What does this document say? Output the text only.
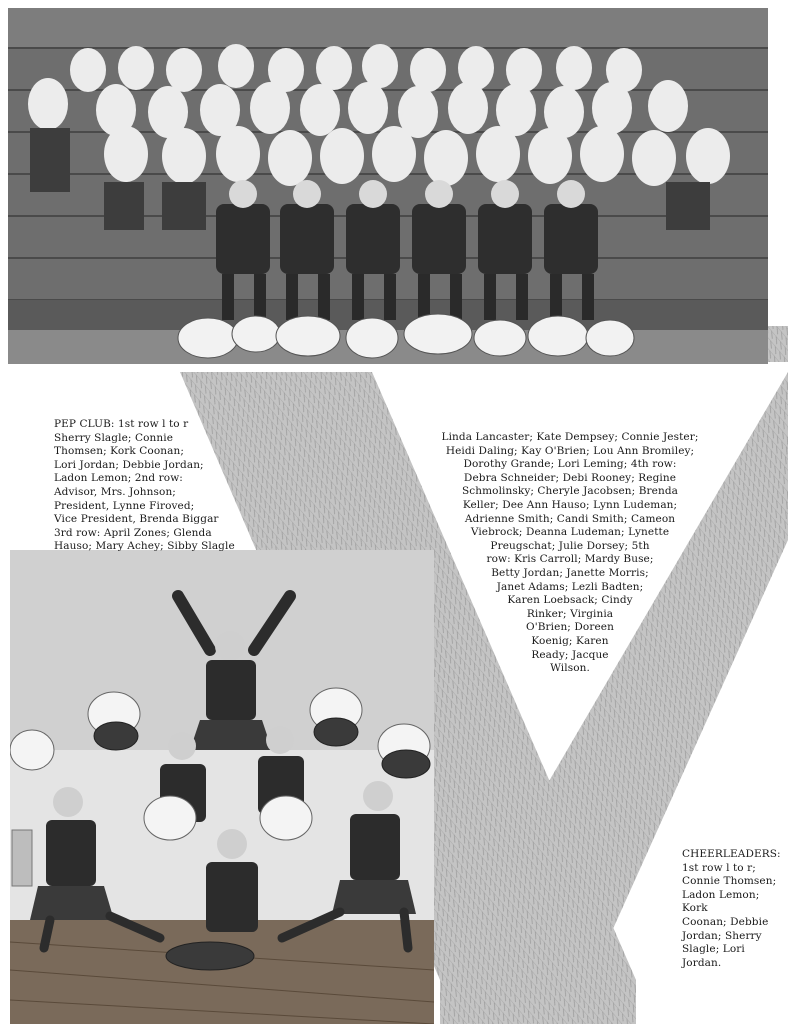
PEP CLUB: 1st row l to r
Sherry Slagle; Connie
Thomsen; Kork Coonan;
Lori Jordan; Debbie Jordan;
Ladon Lemon; 2nd row:
Advisor, Mrs. Johnson;
President, Lynne Firoved;
Vice President, Brenda Biggar
3rd row: April Zones; Glenda
Hauso; Mary Achey; Sibby Slagle
Linda Lancaster; Kate Dempsey; Connie Jester;
Heidi Daling; Kay O'Brien; Lou Ann Bromiley;
Dorothy Grande; Lori Leming; 4th row:
Debra Schneider; Debi Rooney; Regine
Schmolinsky; Cheryle Jacobsen; Brenda
Keller; Dee Ann Hauso; Lynn Ludeman;
Adrienne Smith; Candi Smith; Cameon
Viebrock; Deanna Ludeman; Lynette
Preugschat; Julie Dorsey; 5th
row: Kris Carroll; Mardy Buse;
Betty Jordan; Janette Morris;
Janet Adams; Lezli Badten;
Karen Loebsack; Cindy
Rinker; Virginia
O'Brien; Doreen
Koenig; Karen
Ready; Jacque
Wilson.
CHEERLEADERS:
1st row l to r;
Connie Thomsen;
Ladon Lemon; Kork
Coonan; Debbie
Jordan; Sherry
Slagle; Lori
Jordan.
